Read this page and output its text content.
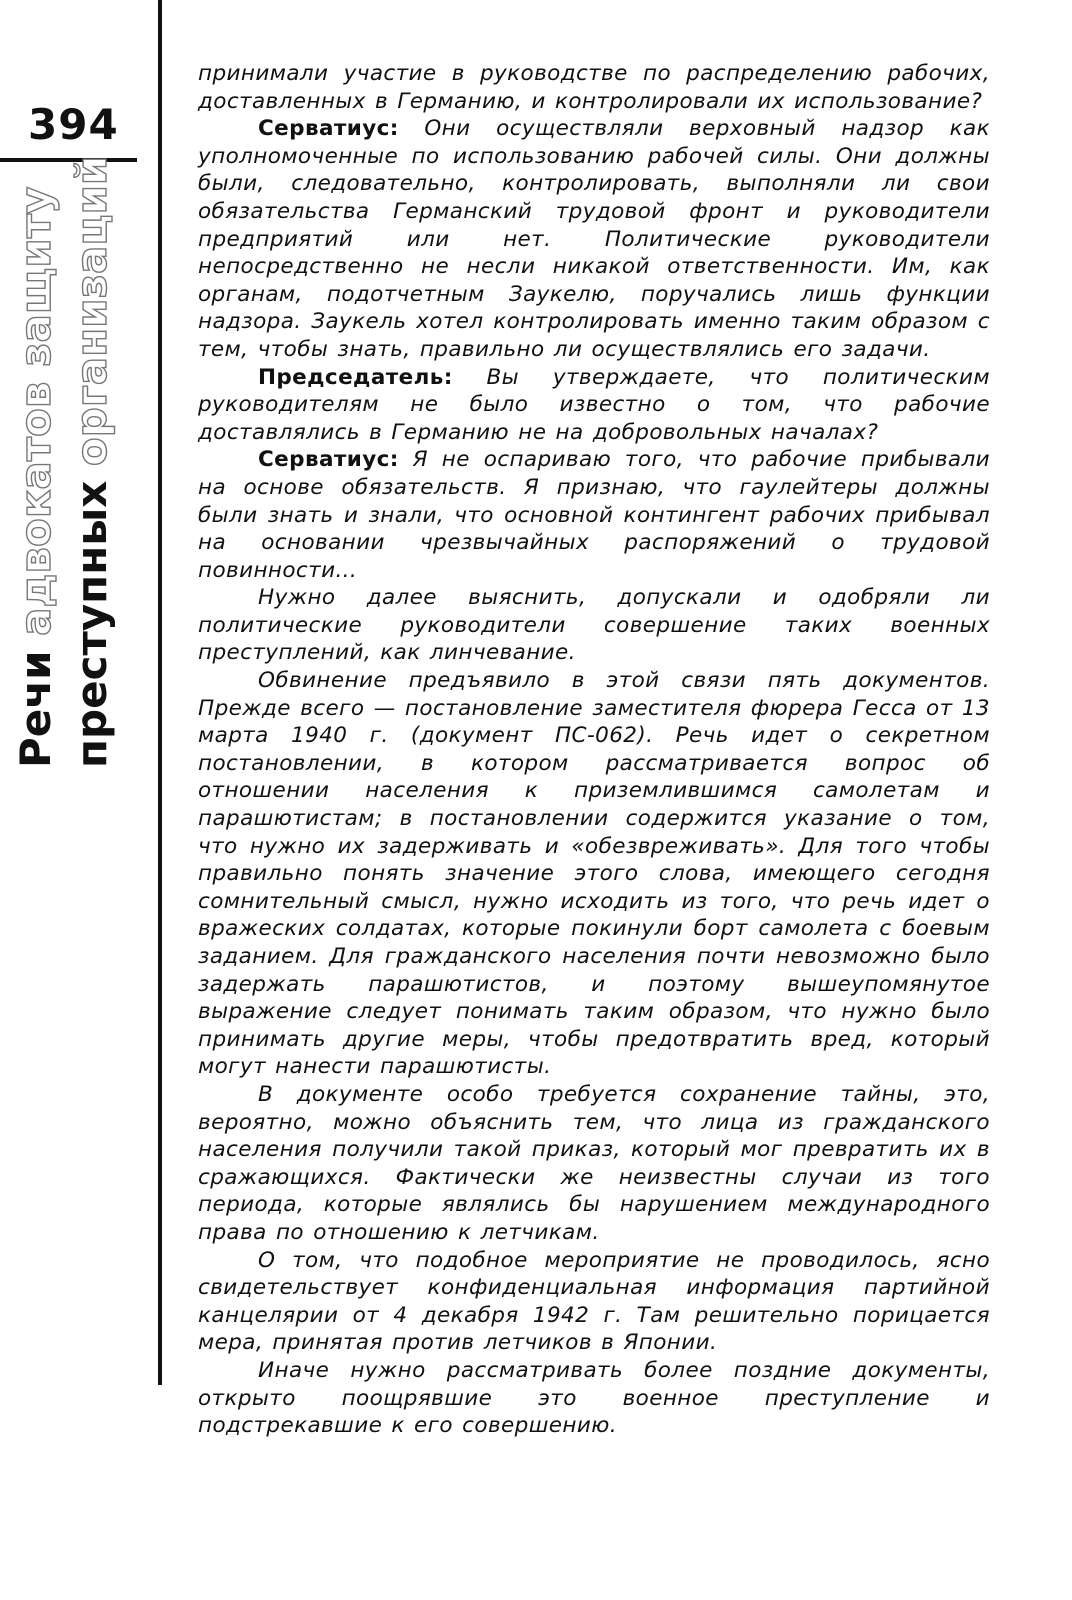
394
Речи адвокатов защиту
преступных организаций

принимали участие в руководстве по распределению рабочих, доставленных в Германию, и контролировали их использование?

Серватиус: Они осуществляли верховный надзор как уполномоченные по использованию рабочей силы. Они должны были, следовательно, контролировать, выполняли ли свои обязательства Германский трудовой фронт и руководители предприятий или нет. Политические руководители непосредственно не несли никакой ответственности. Им, как органам, подотчетным Заукелю, поручались лишь функции надзора. Заукель хотел контролировать именно таким образом с тем, чтобы знать, правильно ли осуществлялись его задачи.

Председатель: Вы утверждаете, что политическим руководителям не было известно о том, что рабочие доставлялись в Германию не на добровольных началах?

Серватиус: Я не оспариваю того, что рабочие прибывали на основе обязательств. Я признаю, что гаулейтеры должны были знать и знали, что основной контингент рабочих прибывал на основании чрезвычайных распоряжений о трудовой повинности...

Нужно далее выяснить, допускали и одобряли ли политические руководители совершение таких военных преступлений, как линчевание.

Обвинение предъявило в этой связи пять документов. Прежде всего — постановление заместителя фюрера Гесса от 13 марта 1940 г. (документ ПС-062). Речь идет о секретном постановлении, в котором рассматривается вопрос об отношении населения к приземлившимся самолетам и парашютистам; в постановлении содержится указание о том, что нужно их задерживать и «обезвреживать». Для того чтобы правильно понять значение этого слова, имеющего сегодня сомнительный смысл, нужно исходить из того, что речь идет о вражеских солдатах, которые покинули борт самолета с боевым заданием. Для гражданского населения почти невозможно было задержать парашютистов, и поэтому вышеупомянутое выражение следует понимать таким образом, что нужно было принимать другие меры, чтобы предотвратить вред, который могут нанести парашютисты.

В документе особо требуется сохранение тайны, это, вероятно, можно объяснить тем, что лица из гражданского населения получили такой приказ, который мог превратить их в сражающихся. Фактически же неизвестны случаи из того периода, которые являлись бы нарушением международного права по отношению к летчикам.

О том, что подобное мероприятие не проводилось, ясно свидетельствует конфиденциальная информация партийной канцелярии от 4 декабря 1942 г. Там решительно порицается мера, принятая против летчиков в Японии.

Иначе нужно рассматривать более поздние документы, открыто поощрявшие это военное преступление и подстрекавшие к его совершению.
